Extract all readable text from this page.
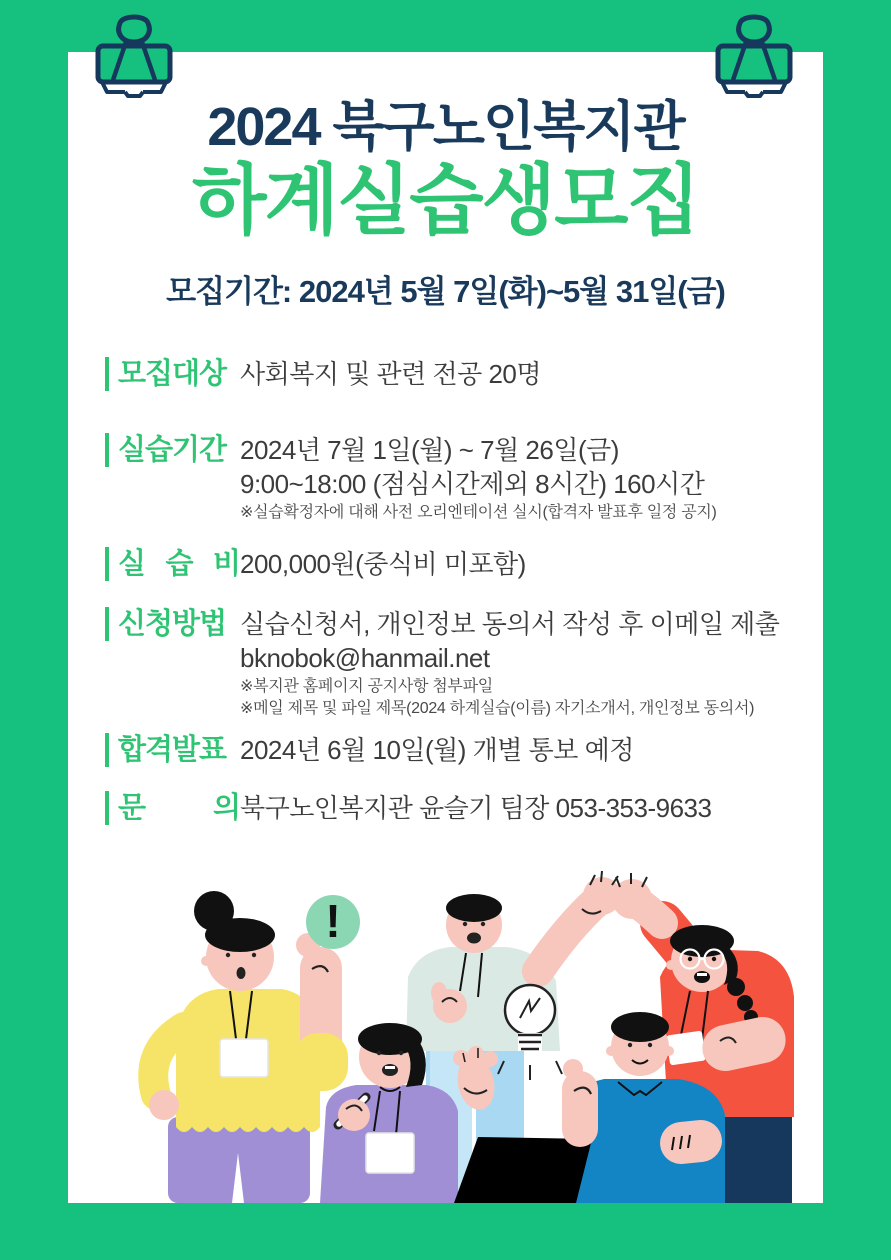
2024 북구노인복지관
하계실습생모집
모집기간: 2024년 5월 7일(화)~5월 31일(금)
모집대상 사회복지 및 관련 전공 20명
실습기간 2024년 7월 1일(월) ~ 7월 26일(금)
9:00~18:00 (점심시간제외 8시간) 160시간
※실습확정자에 대해 사전 오리엔테이션 실시(합격자 발표후 일정 공지)
실 습 비 200,000원(중식비 미포함)
신청방법 실습신청서, 개인정보 동의서 작성 후 이메일 제출
bknobok@hanmail.net
※복지관 홈페이지 공지사항 첨부파일
※메일 제목 및 파일 제목(2024 하계실습(이름) 자기소개서, 개인정보 동의서)
합격발표 2024년 6월 10일(월) 개별 통보 예정
문 의 북구노인복지관 윤슬기 팀장 053-353-9633
!
